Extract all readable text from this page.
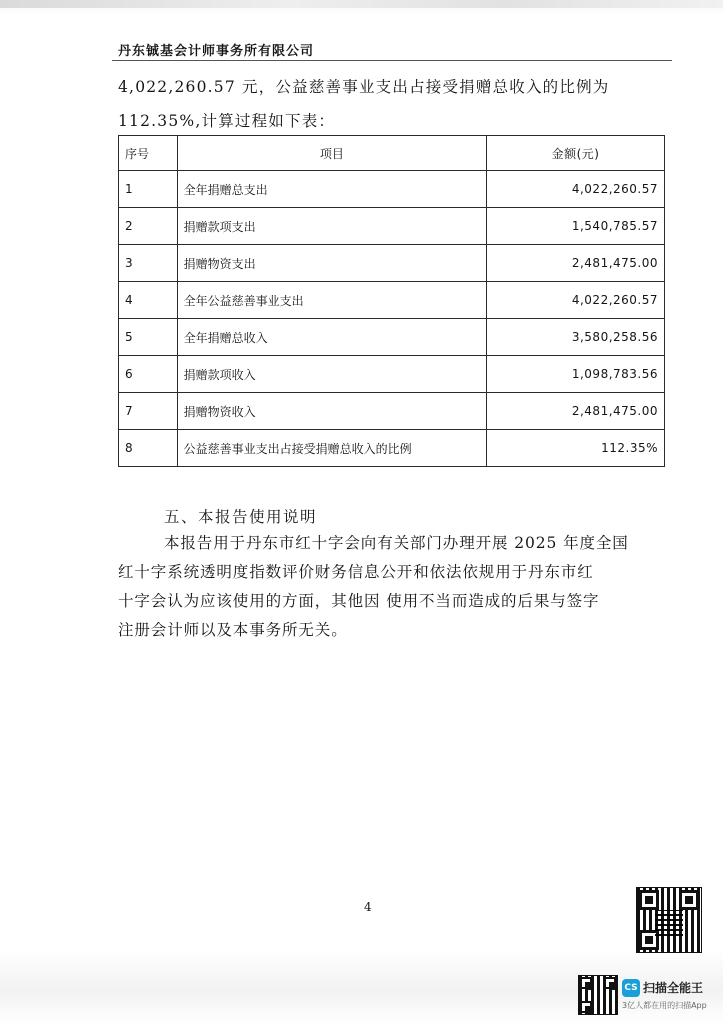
丹东铖基会计师事务所有限公司
4,022,260.57 元，公益慈善事业支出占接受捐赠总收入的比例为
112.35%,计算过程如下表：
序号	项目	金额(元)
1	全年捐赠总支出	4,022,260.57
2	捐赠款项支出	1,540,785.57
3	捐赠物资支出	2,481,475.00
4	全年公益慈善事业支出	4,022,260.57
5	全年捐赠总收入	3,580,258.56
6	捐赠款项收入	1,098,783.56
7	捐赠物资收入	2,481,475.00
8	公益慈善事业支出占接受捐赠总收入的比例	112.35%
五、本报告使用说明
本报告用于丹东市红十字会向有关部门办理开展 2025 年度全国
红十字系统透明度指数评价财务信息公开和依法依规用于丹东市红
十字会认为应该使用的方面，其他因 使用不当而造成的后果与签字
注册会计师以及本事务所无关。
4
CS 扫描全能王
3亿人都在用的扫描App
